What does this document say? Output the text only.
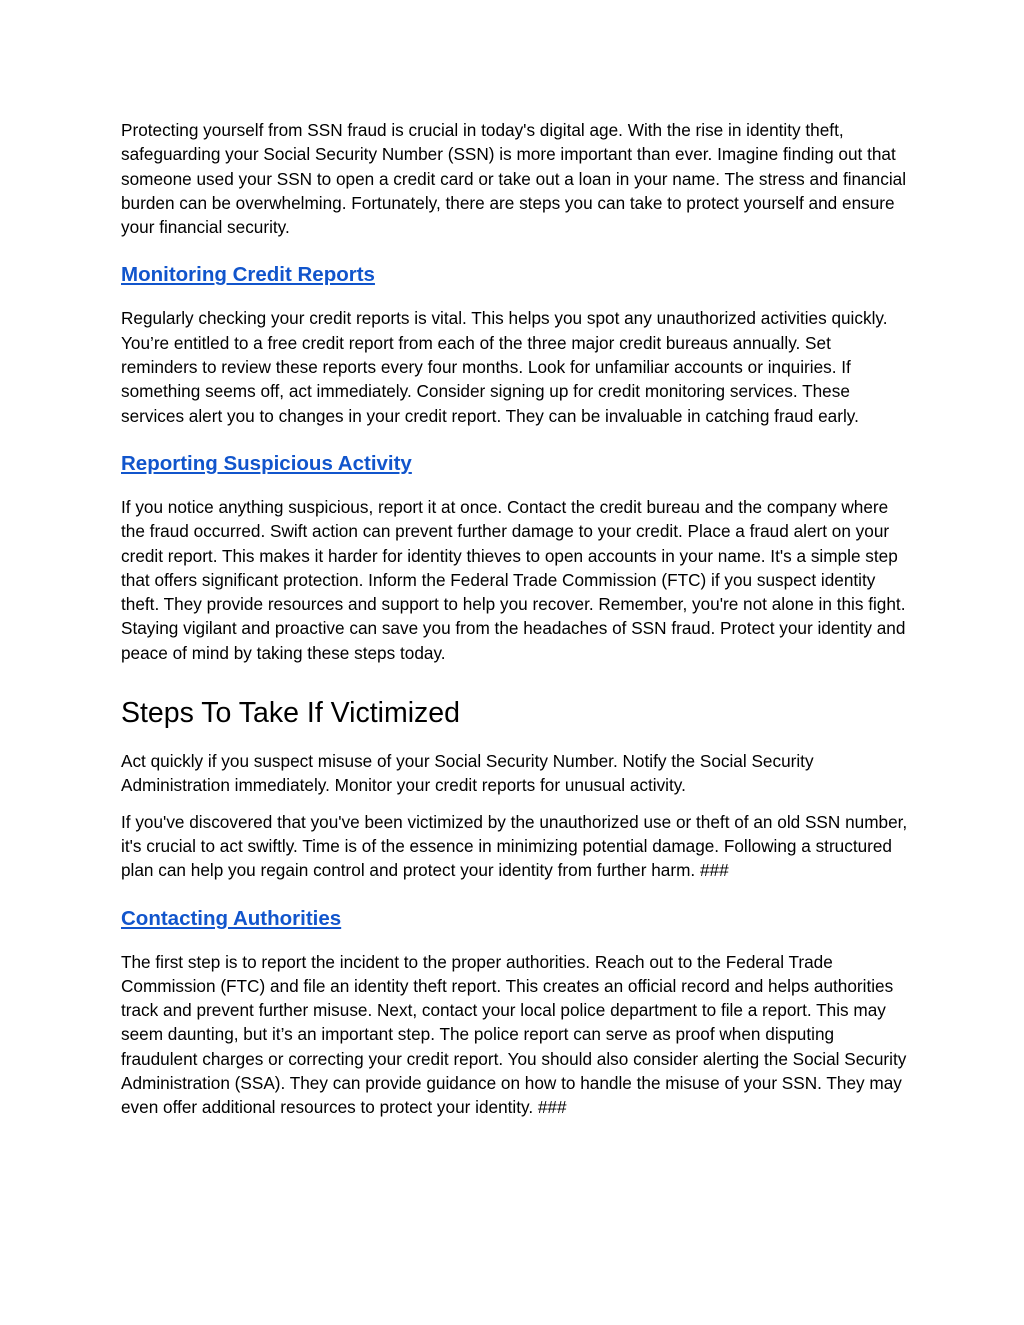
Protecting yourself from SSN fraud is crucial in today's digital age. With the rise in identity theft, safeguarding your Social Security Number (SSN) is more important than ever. Imagine finding out that someone used your SSN to open a credit card or take out a loan in your name. The stress and financial burden can be overwhelming. Fortunately, there are steps you can take to protect yourself and ensure your financial security.

Monitoring Credit Reports

Regularly checking your credit reports is vital. This helps you spot any unauthorized activities quickly. You’re entitled to a free credit report from each of the three major credit bureaus annually. Set reminders to review these reports every four months. Look for unfamiliar accounts or inquiries. If something seems off, act immediately. Consider signing up for credit monitoring services. These services alert you to changes in your credit report. They can be invaluable in catching fraud early.

Reporting Suspicious Activity

If you notice anything suspicious, report it at once. Contact the credit bureau and the company where the fraud occurred. Swift action can prevent further damage to your credit. Place a fraud alert on your credit report. This makes it harder for identity thieves to open accounts in your name. It's a simple step that offers significant protection. Inform the Federal Trade Commission (FTC) if you suspect identity theft. They provide resources and support to help you recover. Remember, you're not alone in this fight. Staying vigilant and proactive can save you from the headaches of SSN fraud. Protect your identity and peace of mind by taking these steps today.

Steps To Take If Victimized

Act quickly if you suspect misuse of your Social Security Number. Notify the Social Security Administration immediately. Monitor your credit reports for unusual activity.

If you've discovered that you've been victimized by the unauthorized use or theft of an old SSN number, it's crucial to act swiftly. Time is of the essence in minimizing potential damage. Following a structured plan can help you regain control and protect your identity from further harm. ###

Contacting Authorities

The first step is to report the incident to the proper authorities. Reach out to the Federal Trade Commission (FTC) and file an identity theft report. This creates an official record and helps authorities track and prevent further misuse. Next, contact your local police department to file a report. This may seem daunting, but it’s an important step. The police report can serve as proof when disputing fraudulent charges or correcting your credit report. You should also consider alerting the Social Security Administration (SSA). They can provide guidance on how to handle the misuse of your SSN. They may even offer additional resources to protect your identity. ###
